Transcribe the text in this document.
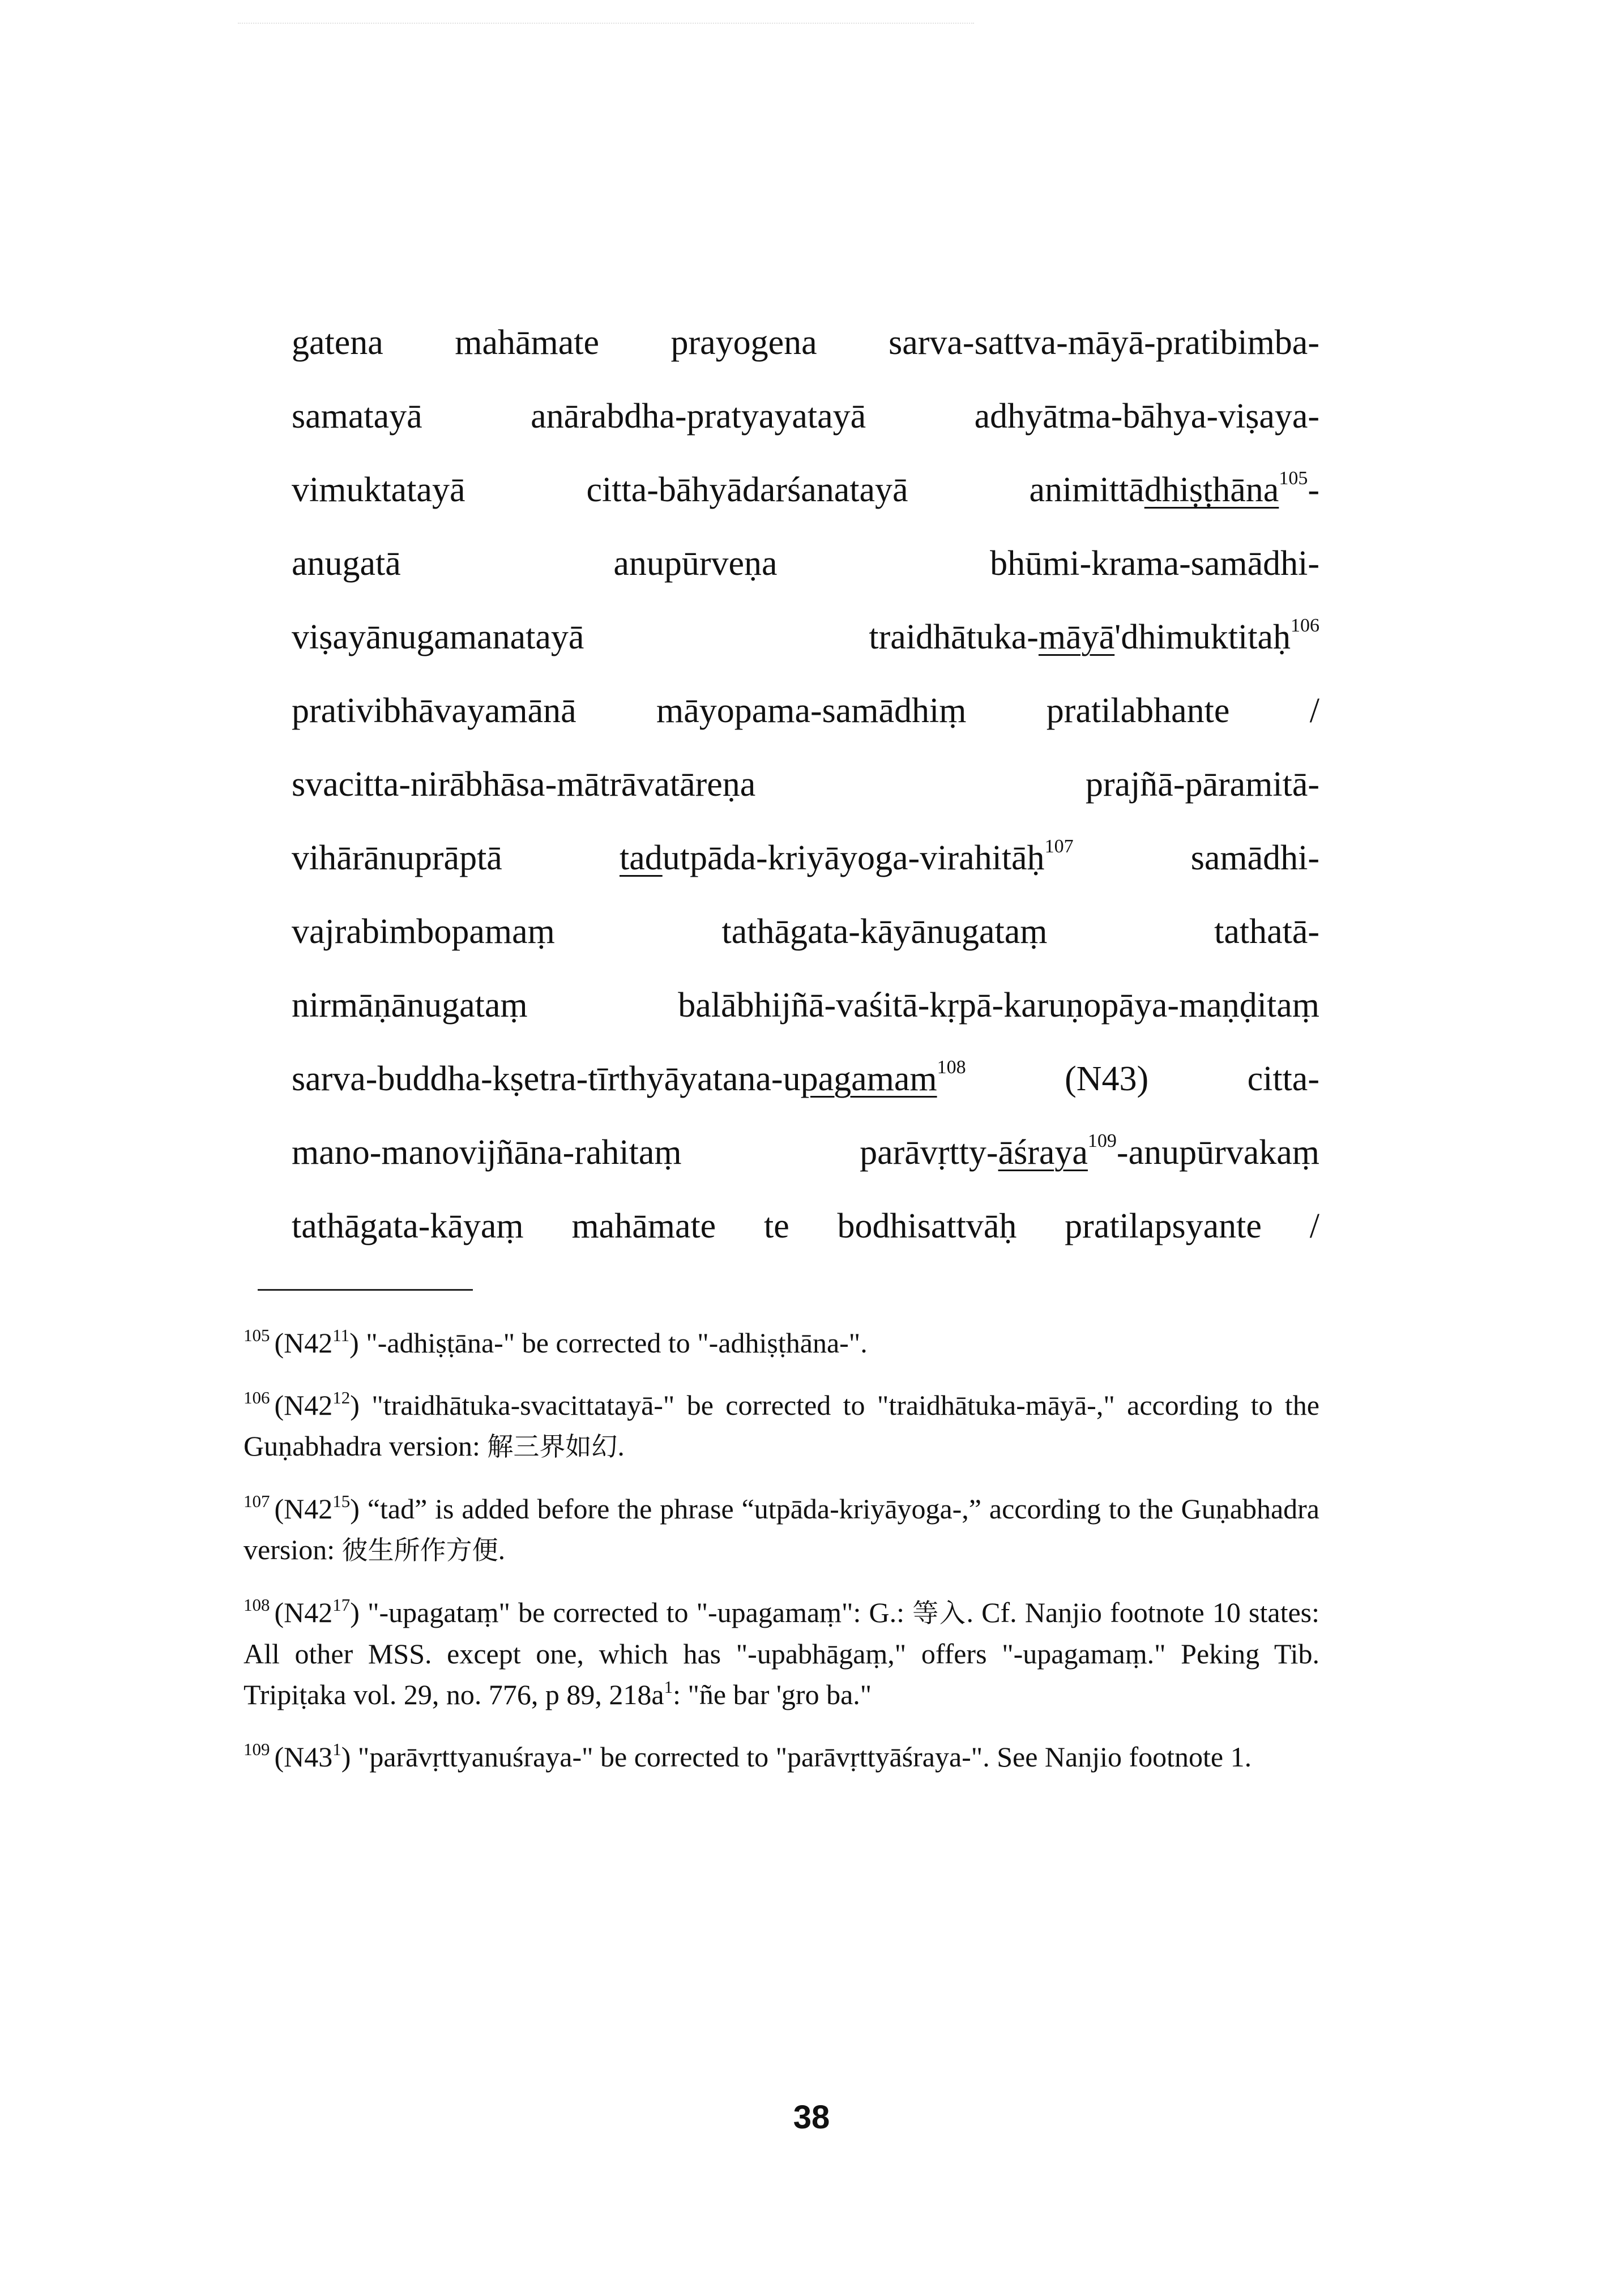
gatena mahāmate prayogena sarva-sattva-māyā-pratibimba-
samatayā	anārabdha-pratyayatayā	adhyātma-bāhya-viṣaya-
vimuktatayā	citta-bāhyādarśanatayā	animittādhiṣṭhāna$^{105}$-
anugatā	anupūrveṇa	bhūmi-krama-samādhi-
viṣayānugamanatayā	traidhātuka-māyā'dhimuktitaḥ$^{106}$
prativibhāvayamānā māyopama-samādhiṃ pratilabhante /
svacitta-nirābhāsa-mātrāvatāreṇa	prajñā-pāramitā-
vihārānuprāptā	tadutpāda-kriyāyoga-virahitāḥ$^{107}$	samādhi-
vajrabimbopamaṃ	tathāgata-kāyānugataṃ	tathatā-
nirmāṇānugataṃ	balābhijñā-vaśitā-kṛpā-karuṇopāya-maṇḍitaṃ
sarva-buddha-kṣetra-tīrthyāyatana-upagamam$^{108}$	(N43)	citta-
mano-manovijñāna-rahitaṃ	parāvṛtty-āśraya$^{109}$-anupūrvakaṃ
tathāgata-kāyaṃ mahāmate te bodhisattvāḥ pratilapsyante /
$^{105}$ $(N42^{11})$ "-adhiṣṭāna-" be corrected to "-adhiṣṭhāna-".
$^{106}$ $(N42^{12})$ "traidhātuka-svacittatayā-" be corrected to "traidhātuka-māyā-," according to the Guṇabhadra version: 解三界如幻.
$^{107}$ $(N42^{15})$ “tad” is added before the phrase “utpāda-kriyāyoga-,” according to the Guṇabhadra version: 彼生所作方便.
$^{108}$ $(N42^{17})$ "-upagataṃ" be corrected to "-upagamaṃ": G.: 等入. Cf. Nanjio footnote 10 states: All other MSS. except one, which has "-upabhāgaṃ," offers "-upagamaṃ." Peking Tib. Tripiṭaka vol. 29, no. 776, p 89, $218a^1$: "ñe bar 'gro ba."
$^{109}$ $(N43^1)$ "parāvṛttyanuśraya-" be corrected to "parāvṛttyāśraya-". See Nanjio footnote 1.
38
